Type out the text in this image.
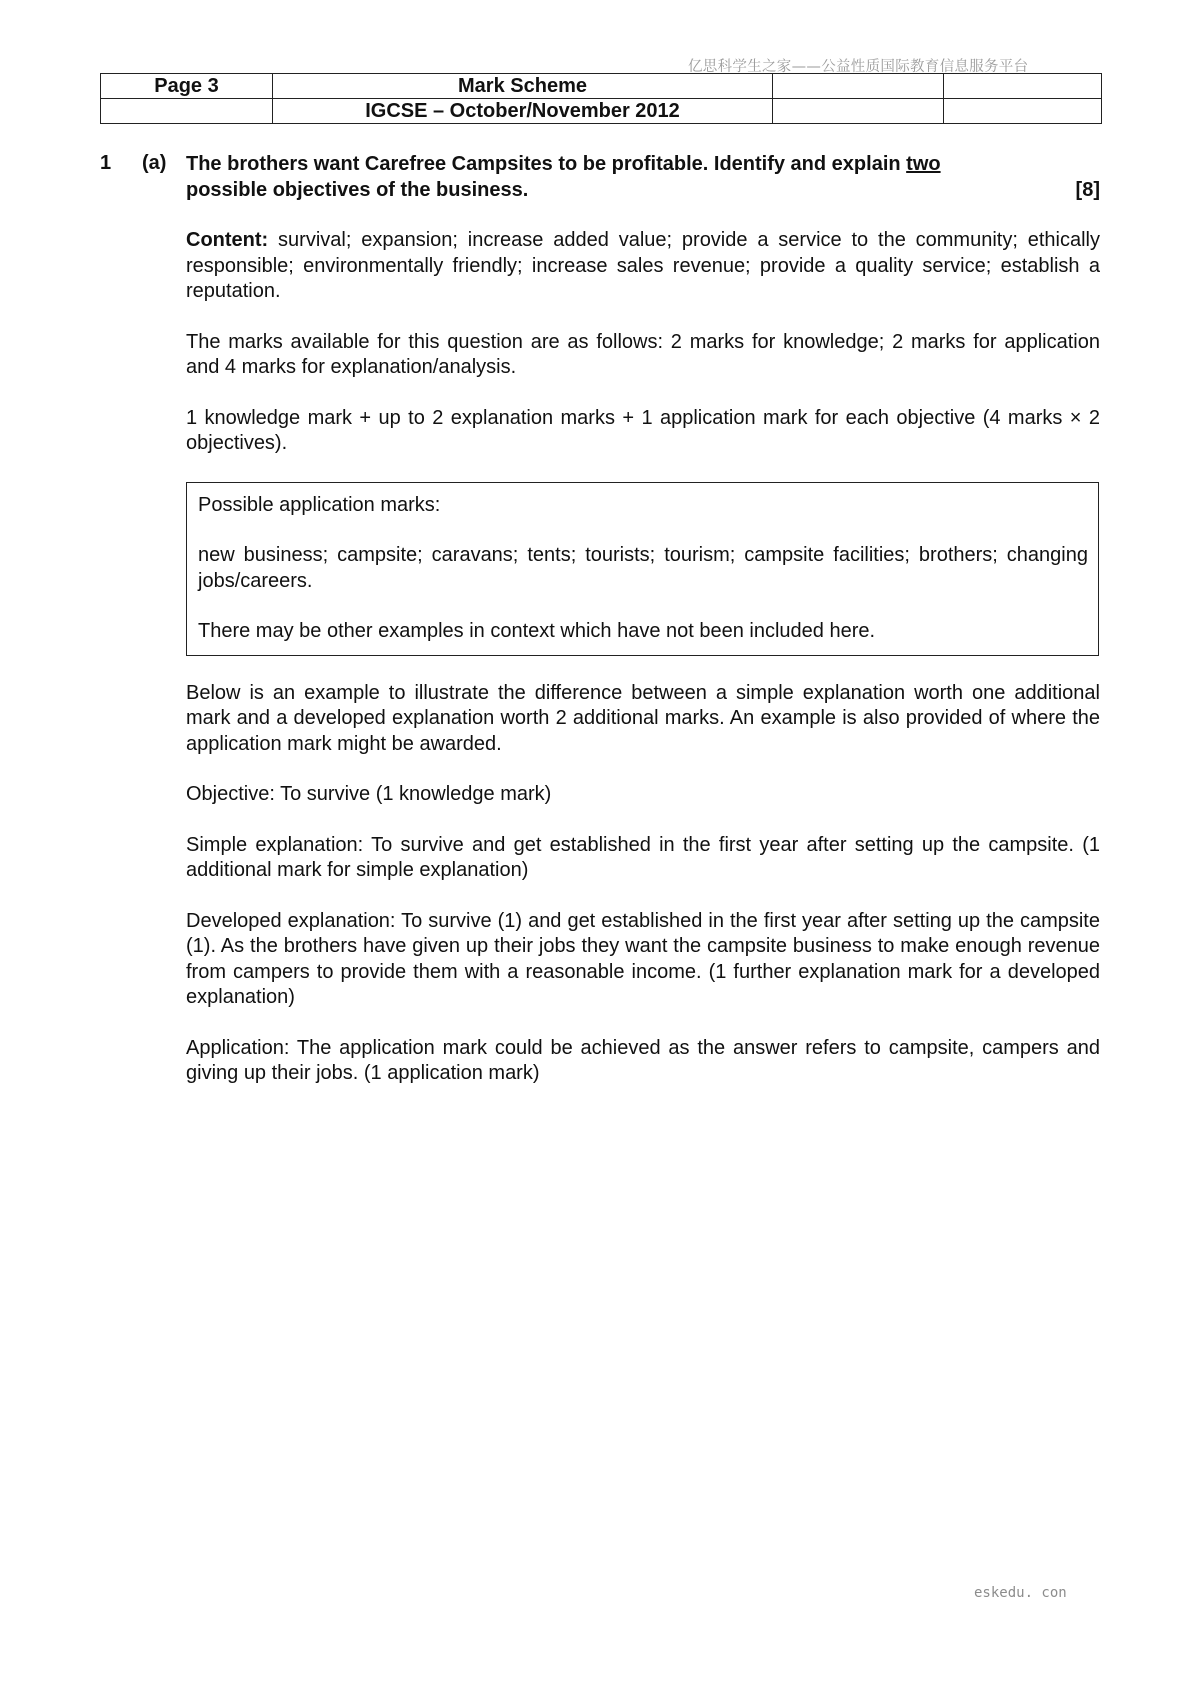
亿思科学生之家——公益性质国际教育信息服务平台
Page 3	Mark Scheme		
	IGCSE – October/November 2012		
1 (a) The brothers want Carefree Campsites to be profitable. Identify and explain two
possible objectives of the business.	[8]

Content: survival; expansion; increase added value; provide a service to the community; ethically responsible; environmentally friendly; increase sales revenue; provide a quality service; establish a reputation.

The marks available for this question are as follows: 2 marks for knowledge; 2 marks for application and 4 marks for explanation/analysis.

1 knowledge mark + up to 2 explanation marks + 1 application mark for each objective (4 marks × 2 objectives).

Possible application marks:

new business; campsite; caravans; tents; tourists; tourism; campsite facilities; brothers; changing jobs/careers.

There may be other examples in context which have not been included here.

Below is an example to illustrate the difference between a simple explanation worth one additional mark and a developed explanation worth 2 additional marks. An example is also provided of where the application mark might be awarded.

Objective: To survive (1 knowledge mark)

Simple explanation: To survive and get established in the first year after setting up the campsite. (1 additional mark for simple explanation)

Developed explanation: To survive (1) and get established in the first year after setting up the campsite (1). As the brothers have given up their jobs they want the campsite business to make enough revenue from campers to provide them with a reasonable income. (1 further explanation mark for a developed explanation)

Application: The application mark could be achieved as the answer refers to campsite, campers and giving up their jobs. (1 application mark)

eskedu. con
